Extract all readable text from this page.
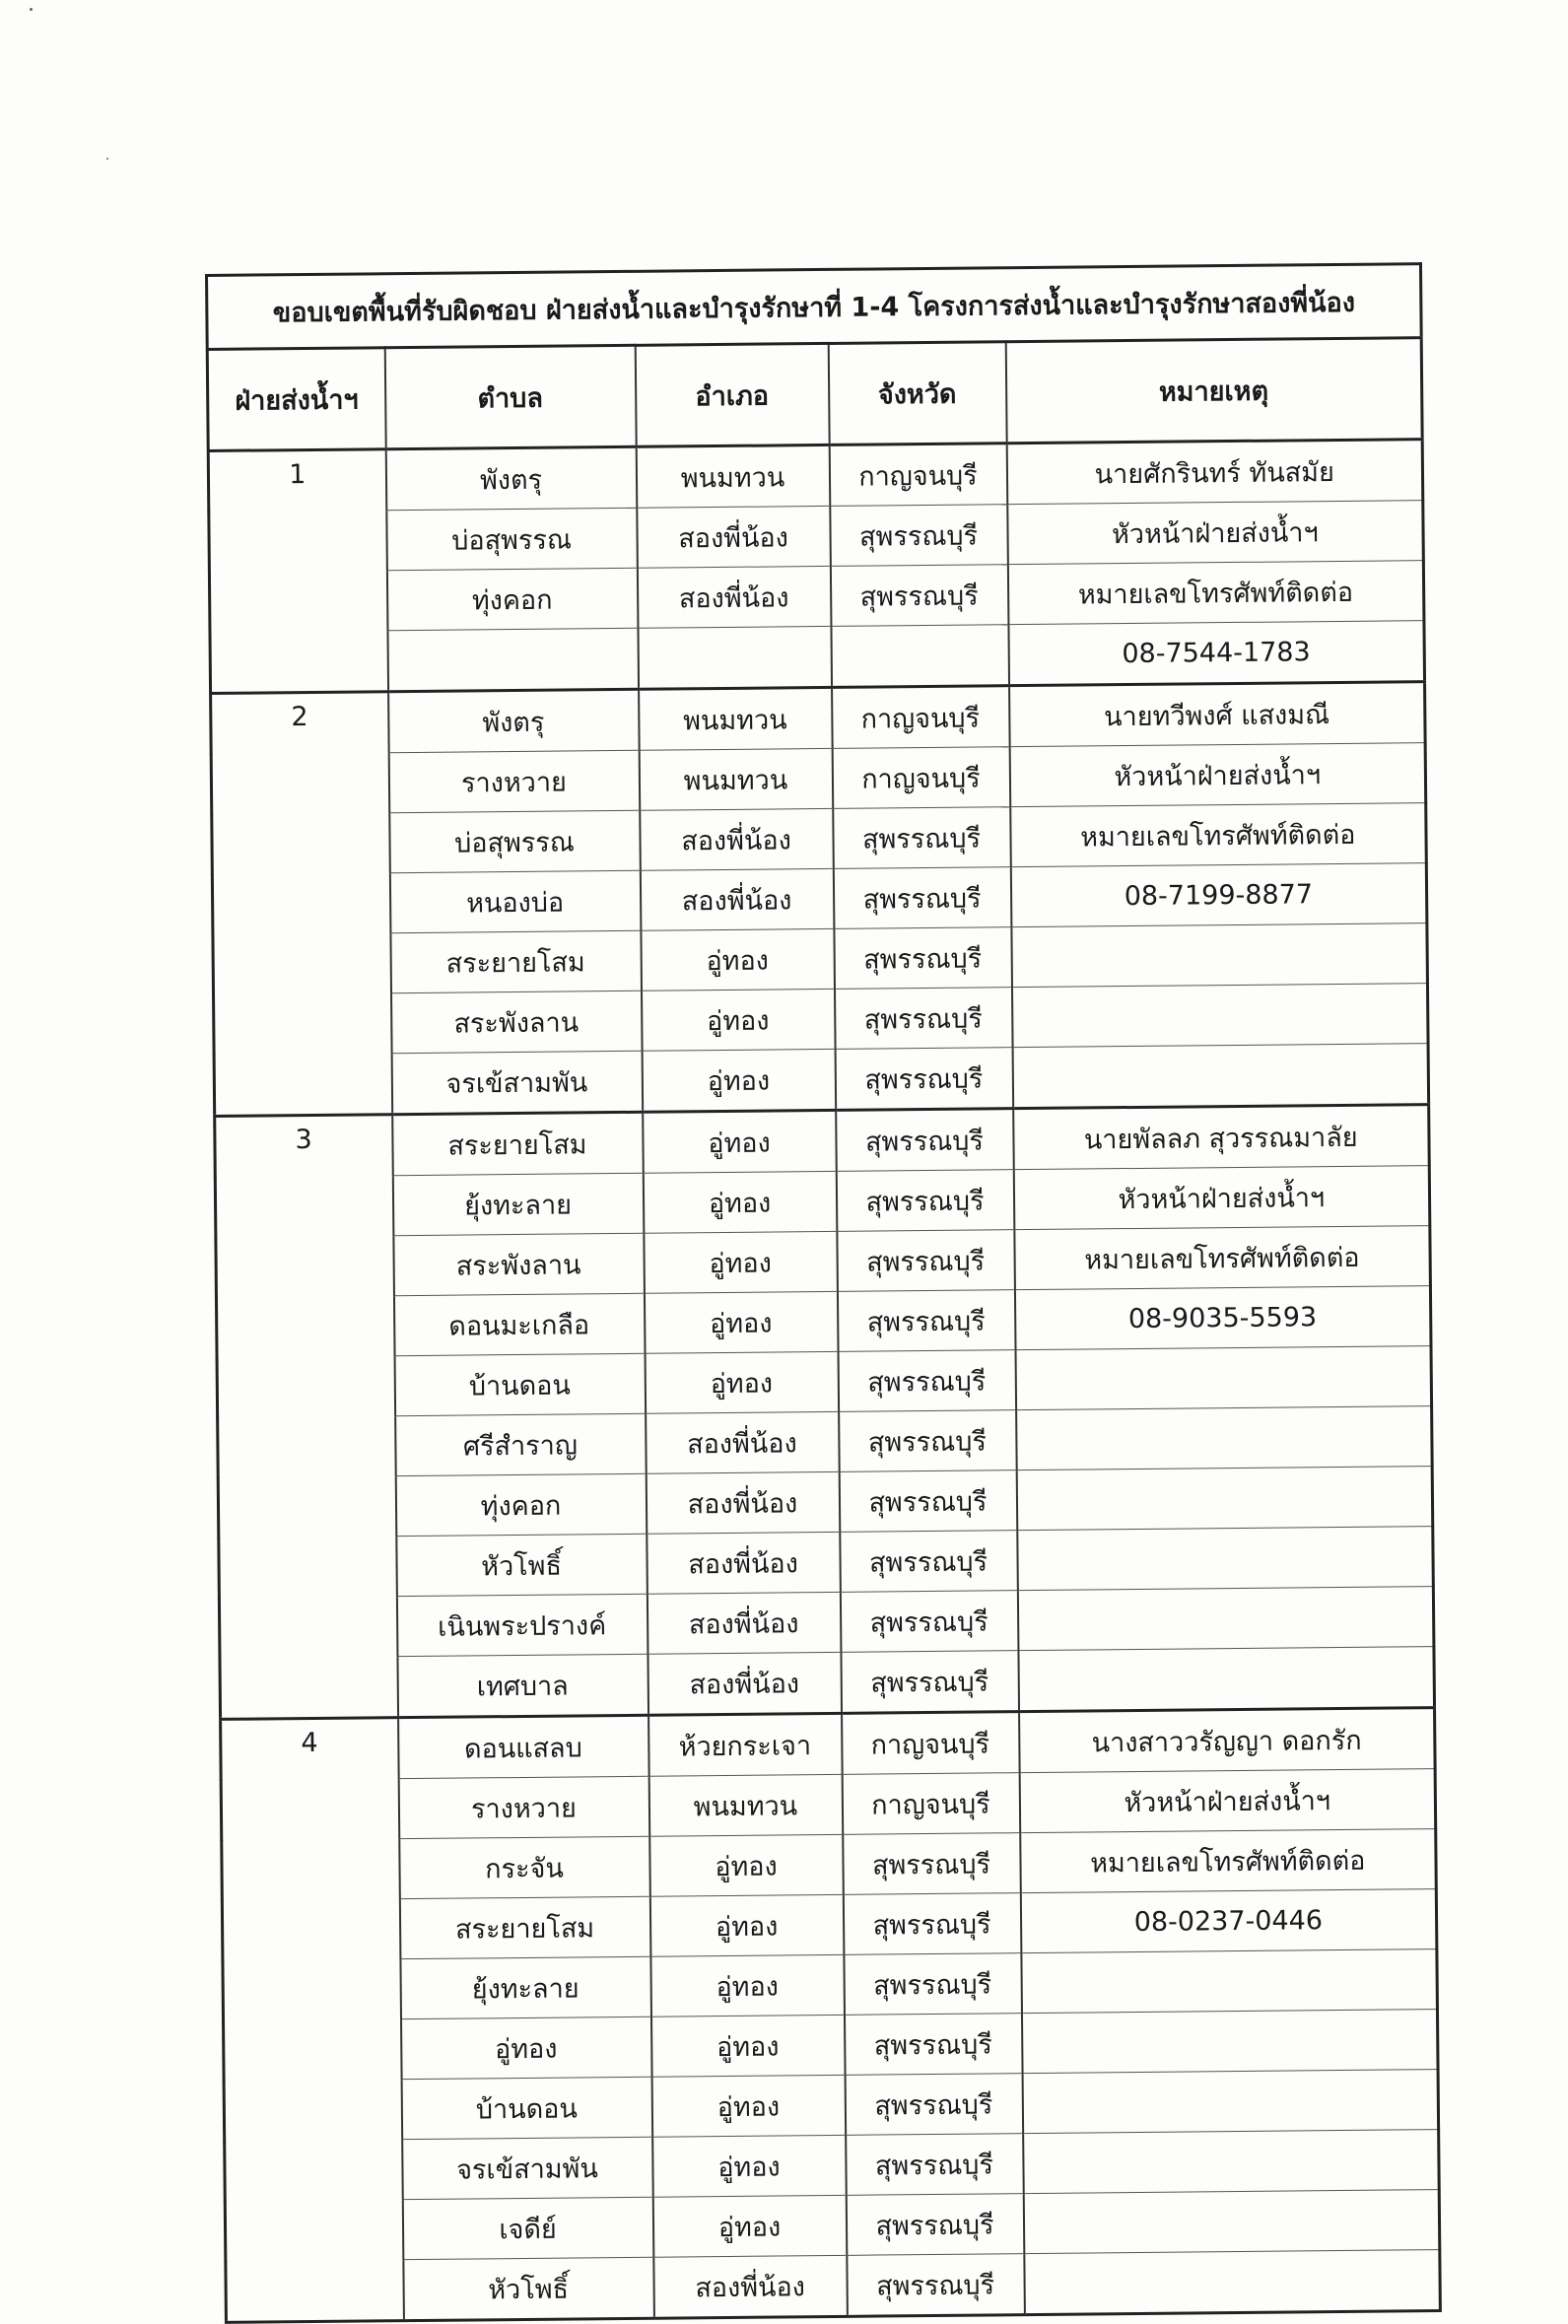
ขอบเขตพื้นที่รับผิดชอบ ฝ่ายส่งน้ำและบำรุงรักษาที่ 1-4 โครงการส่งน้ำและบำรุงรักษาสองพี่น้อง				
ฝ่ายส่งน้ำฯ	ตำบล	อำเภอ	จังหวัด	หมายเหตุ
1	พังตรุ	พนมทวน	กาญจนบุรี	นายศักรินทร์ ทันสมัย
	บ่อสุพรรณ	สองพี่น้อง	สุพรรณบุรี	หัวหน้าฝ่ายส่งน้ำฯ
	ทุ่งคอก	สองพี่น้อง	สุพรรณบุรี	หมายเลขโทรศัพท์ติดต่อ
				08-7544-1783
2	พังตรุ	พนมทวน	กาญจนบุรี	นายทวีพงศ์ แสงมณี
	รางหวาย	พนมทวน	กาญจนบุรี	หัวหน้าฝ่ายส่งน้ำฯ
	บ่อสุพรรณ	สองพี่น้อง	สุพรรณบุรี	หมายเลขโทรศัพท์ติดต่อ
	หนองบ่อ	สองพี่น้อง	สุพรรณบุรี	08-7199-8877
	สระยายโสม	อู่ทอง	สุพรรณบุรี	
	สระพังลาน	อู่ทอง	สุพรรณบุรี	
	จรเข้สามพัน	อู่ทอง	สุพรรณบุรี	
3	สระยายโสม	อู่ทอง	สุพรรณบุรี	นายพัลลภ สุวรรณมาลัย
	ยุ้งทะลาย	อู่ทอง	สุพรรณบุรี	หัวหน้าฝ่ายส่งน้ำฯ
	สระพังลาน	อู่ทอง	สุพรรณบุรี	หมายเลขโทรศัพท์ติดต่อ
	ดอนมะเกลือ	อู่ทอง	สุพรรณบุรี	08-9035-5593
	บ้านดอน	อู่ทอง	สุพรรณบุรี	
	ศรีสำราญ	สองพี่น้อง	สุพรรณบุรี	
	ทุ่งคอก	สองพี่น้อง	สุพรรณบุรี	
	หัวโพธิ์	สองพี่น้อง	สุพรรณบุรี	
	เนินพระปรางค์	สองพี่น้อง	สุพรรณบุรี	
	เทศบาล	สองพี่น้อง	สุพรรณบุรี	
4	ดอนแสลบ	ห้วยกระเจา	กาญจนบุรี	นางสาววรัญญา ดอกรัก
	รางหวาย	พนมทวน	กาญจนบุรี	หัวหน้าฝ่ายส่งน้ำฯ
	กระจัน	อู่ทอง	สุพรรณบุรี	หมายเลขโทรศัพท์ติดต่อ
	สระยายโสม	อู่ทอง	สุพรรณบุรี	08-0237-0446
	ยุ้งทะลาย	อู่ทอง	สุพรรณบุรี	
	อู่ทอง	อู่ทอง	สุพรรณบุรี	
	บ้านดอน	อู่ทอง	สุพรรณบุรี	
	จรเข้สามพัน	อู่ทอง	สุพรรณบุรี	
	เจดีย์	อู่ทอง	สุพรรณบุรี	
	หัวโพธิ์	สองพี่น้อง	สุพรรณบุรี	
